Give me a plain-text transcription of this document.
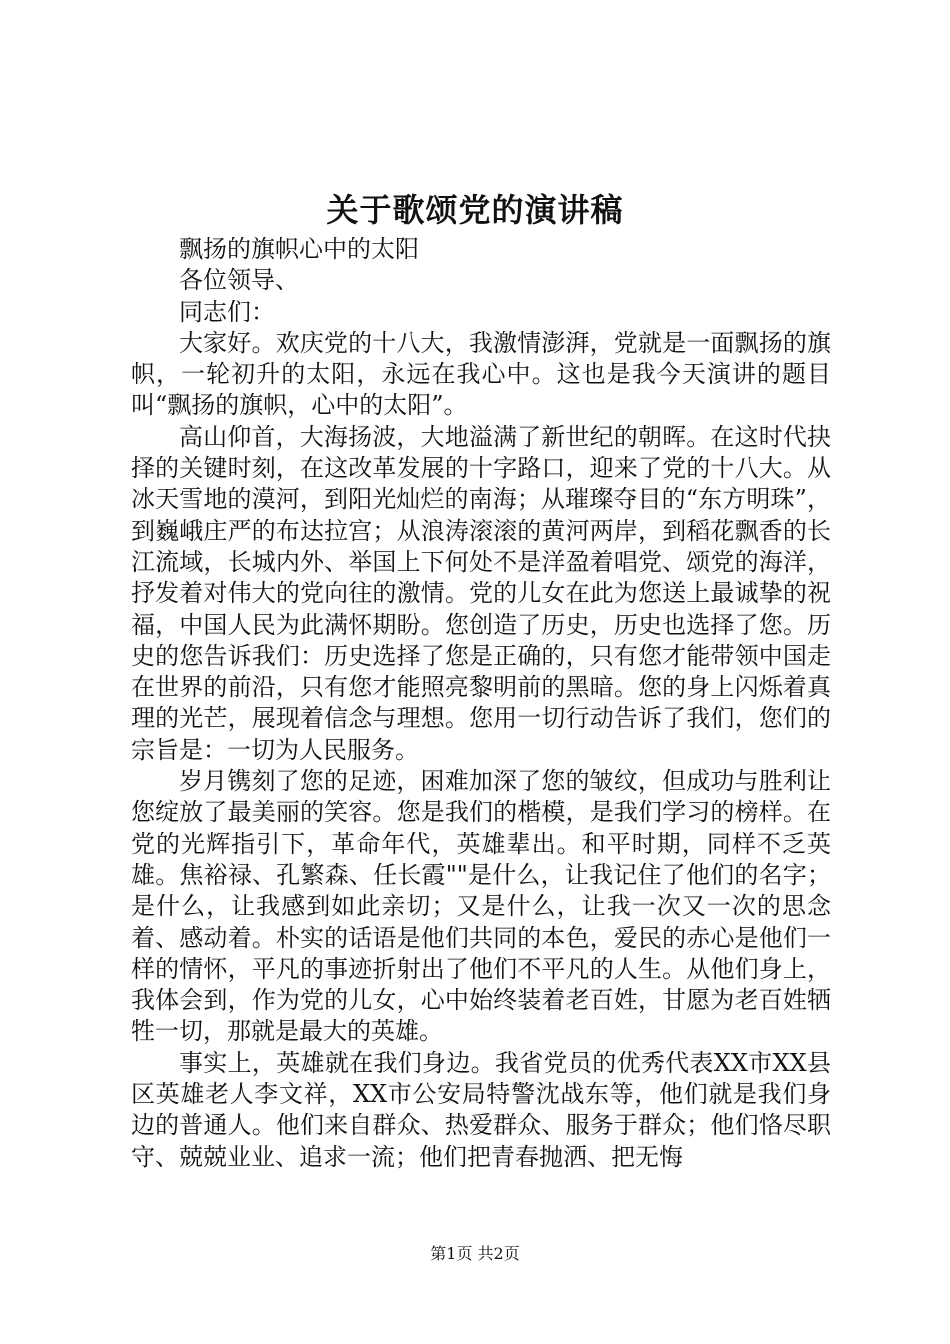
关于歌颂党的演讲稿

飘扬的旗帜心中的太阳

各位领导、

同志们：

大家好。欢庆党的十八大，我激情澎湃，党就是一面飘扬的旗帜，一轮初升的太阳，永远在我心中。这也是我今天演讲的题目叫“飘扬的旗帜，心中的太阳”。

高山仰首，大海扬波，大地溢满了新世纪的朝晖。在这时代抉择的关键时刻，在这改革发展的十字路口，迎来了党的十八大。从冰天雪地的漠河，到阳光灿烂的南海；从璀璨夺目的“东方明珠”，到巍峨庄严的布达拉宫；从浪涛滚滚的黄河两岸，到稻花飘香的长江流域，长城内外、举国上下何处不是洋盈着唱党、颂党的海洋，抒发着对伟大的党向往的激情。党的儿女在此为您送上最诚挚的祝福，中国人民为此满怀期盼。您创造了历史，历史也选择了您。历史的您告诉我们：历史选择了您是正确的，只有您才能带领中国走在世界的前沿，只有您才能照亮黎明前的黑暗。您的身上闪烁着真理的光芒，展现着信念与理想。您用一切行动告诉了我们，您们的宗旨是：一切为人民服务。

岁月镌刻了您的足迹，困难加深了您的皱纹，但成功与胜利让您绽放了最美丽的笑容。您是我们的楷模，是我们学习的榜样。在党的光辉指引下，革命年代，英雄辈出。和平时期，同样不乏英雄。焦裕禄、孔繁森、任长霞""是什么，让我记住了他们的名字；是什么，让我感到如此亲切；又是什么，让我一次又一次的思念着、感动着。朴实的话语是他们共同的本色，爱民的赤心是他们一样的情怀，平凡的事迹折射出了他们不平凡的人生。从他们身上，我体会到，作为党的儿女，心中始终装着老百姓，甘愿为老百姓牺牲一切，那就是最大的英雄。

事实上，英雄就在我们身边。我省党员的优秀代表XX市XX县区英雄老人李文祥，XX市公安局特警沈战东等，他们就是我们身边的普通人。他们来自群众、热爱群众、服务于群众；他们恪尽职守、兢兢业业、追求一流；他们把青春抛洒、把无悔

第1页 共2页
